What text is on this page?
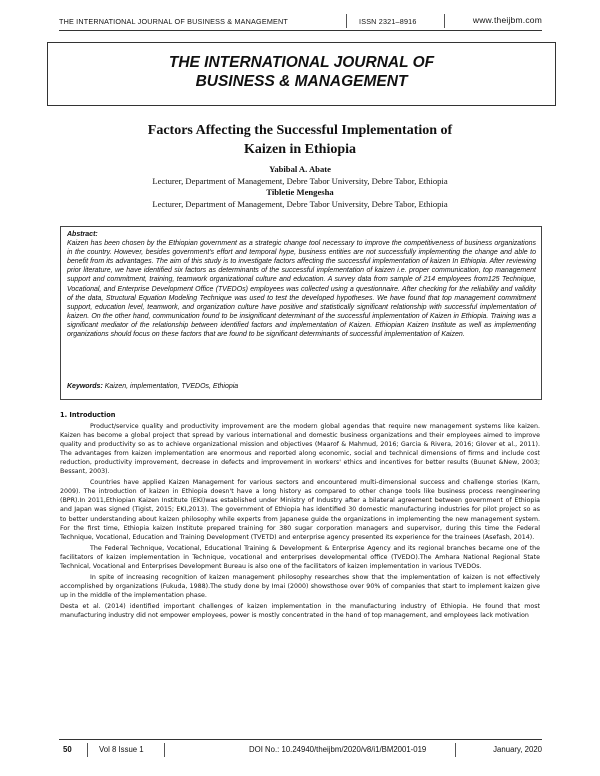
THE INTERNATIONAL JOURNAL OF BUSINESS & MANAGEMENT	ISSN 2321–8916	www.theijbm.com
THE INTERNATIONAL JOURNAL OF
BUSINESS & MANAGEMENT
Factors Affecting the Successful Implementation of
Kaizen in Ethiopia
Yabibal A. Abate
Lecturer, Department of Management, Debre Tabor University, Debre Tabor, Ethiopia
Tibletie Mengesha
Lecturer, Department of Management, Debre Tabor University, Debre Tabor, Ethiopia
Abstract:
Kaizen has been chosen by the Ethiopian government as a strategic change tool necessary to improve the competitiveness of business organizations in the country. However, besides government's effort and temporal hype, business entities are not successfully implementing the change and able to benefit from its advantages. The aim of this study is to investigate factors affecting the successful implementation of kaizen In Ethiopia. After reviewing prior literature, we have identified six factors as determinants of the successful implementation of kaizen i.e. proper communication, top management support and commitment, training, teamwork organizational culture and education. A survey data from sample of 214 employees from125 Technique, Vocational, and Enterprise Development Office (TVEDOs) employees was collected using a questionnaire. After checking for the reliability and validity of the data, Structural Equation Modeling Technique was used to test the developed hypotheses. We have found that top management commitment support, education level, teamwork, and organization culture have positive and statistically significant relationship with successful implementation of kaizen. On the other hand, communication found to be insignificant determinant of the successful implementation of Kaizen in Ethiopia. Training was a significant mediator of the relationship between identified factors and implementation of Kaizen. Ethiopian Kaizen Institute as well as implementing organizations should focus on these factors that are found to be significant determinants of successful implementation of Kaizen.
Keywords: Kaizen, implementation, TVEDOs, Ethiopia
1. Introduction

Product/service quality and productivity improvement are the modern global agendas that require new management systems like kaizen. Kaizen has become a global project that spread by various international and domestic business organizations and their employees aimed to improve quality and productivity so as to achieve organizational mission and objectives (Maarof & Mahmud, 2016; Garcia & Rivera, 2016; Glover et al., 2011). The advantages from kaizen implementation are enormous and reported along economic, social and technical dimensions of firms and include cost reduction, productivity improvement, decrease in defects and improvement in workers' ethics and incentives for better results (Buunet &New, 2003; Bessant, 2003).

Countries have applied Kaizen Management for various sectors and encountered multi-dimensional success and challenge stories (Karn, 2009). The introduction of kaizen in Ethiopia doesn't have a long history as compared to other change tools like business process reengineering (BPR).In 2011,Ethiopian Kaizen Institute (EKI)was established under Ministry of Industry after a bilateral agreement between government of Ethiopia and Japan was signed (Tigist, 2015; EKI,2013). The government of Ethiopia has identified 30 domestic manufacturing industries for pilot project so as to better understanding about kaizen philosophy while experts from Japanese guide the organizations in implementing the new management system. For the first time, Ethiopia kaizen Institute prepared training for 380 sugar corporation managers and supervisor, during this time the Federal Technique, Vocational, Education and Training Development (TVETD) and enterprise agency presented its experience for the trainees (Asefash, 2014).

The Federal Technique, Vocational, Educational Training & Development & Enterprise Agency and its regional branches became one of the facilitators of kaizen implementation in Technique, vocational and enterprises developmental office (TVEDO).The Amhara National Regional State Technical, Vocational and Enterprises Development Bureau is also one of the facilitators of kaizen implementation in various TVEDOs.

In spite of increasing recognition of kaizen management philosophy researches show that the implementation of kaizen is not effectively accomplished by organizations (Fukuda, 1988).The study done by Imai (2000) showsthose over 90% of companies that start to implement kaizen give up in the middle of the implementation phase.

Desta et al. (2014) identified important challenges of kaizen implementation in the manufacturing industry of Ethiopia. He found that most manufacturing industry did not empower employees, power is mostly concentrated in the hand of top management, and employees lack motivation

50	Vol 8 Issue 1	DOI No.: 10.24940/theijbm/2020/v8/i1/BM2001-019	January, 2020
